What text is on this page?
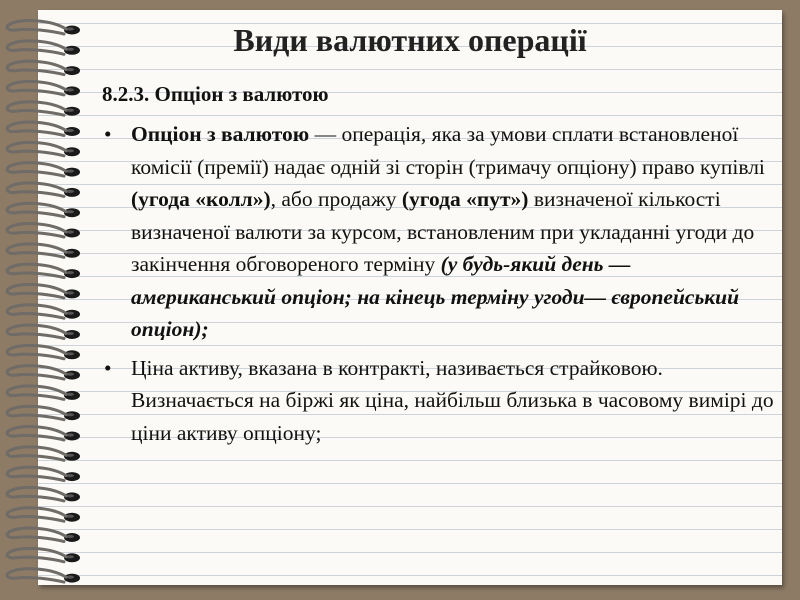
Види валютних операції
8.2.3. Опціон з валютою
• Опціон з валютою — операція, яка за умови сплати встановленої комісії (премії) надає одній зі сторін (тримачу опціону) право купівлі (угода «колл»), або продажу (угода «пут») визначеної кількості визначеної валюти за курсом, встановленим при укладанні угоди до закінчення обговореного терміну (у будь-який день — американський опціон; на кінець терміну угоди— європейський опціон);
• Ціна активу, вказана в контракті, називається страйковою. Визначається на біржі як ціна, найбільш близька в часовому вимірі до ціни активу опціону;
